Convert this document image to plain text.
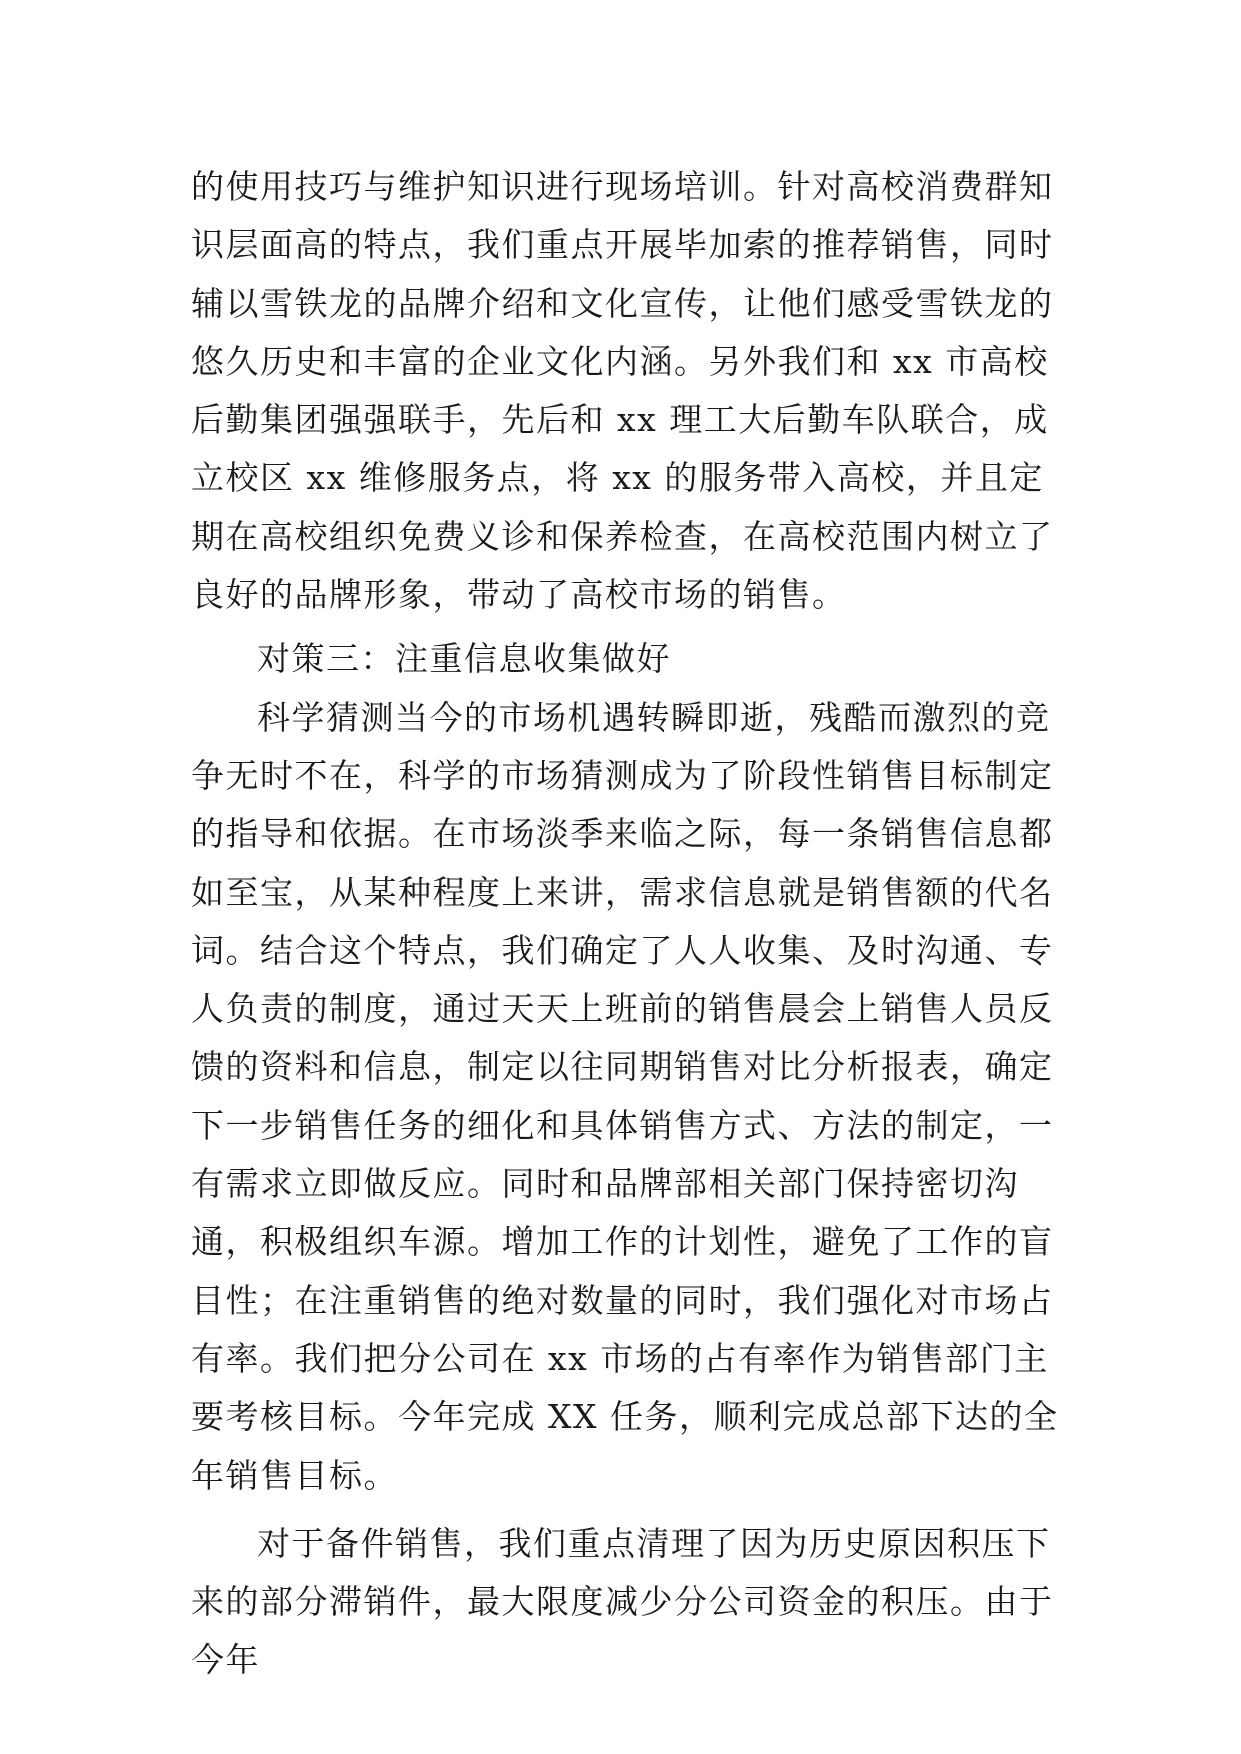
的使用技巧与维护知识进行现场培训。针对高校消费群知识层面高的特点，我们重点开展毕加索的推荐销售，同时辅以雪铁龙的品牌介绍和文化宣传，让他们感受雪铁龙的悠久历史和丰富的企业文化内涵。另外我们和 xx 市高校后勤集团强强联手，先后和 xx 理工大后勤车队联合，成立校区 xx 维修服务点，将 xx 的服务带入高校，并且定期在高校组织免费义诊和保养检查，在高校范围内树立了良好的品牌形象，带动了高校市场的销售。

对策三：注重信息收集做好

科学猜测当今的市场机遇转瞬即逝，残酷而激烈的竞争无时不在，科学的市场猜测成为了阶段性销售目标制定的指导和依据。在市场淡季来临之际，每一条销售信息都如至宝，从某种程度上来讲，需求信息就是销售额的代名词。结合这个特点，我们确定了人人收集、及时沟通、专人负责的制度，通过天天上班前的销售晨会上销售人员反馈的资料和信息，制定以往同期销售对比分析报表，确定下一步销售任务的细化和具体销售方式、方法的制定，一有需求立即做反应。同时和品牌部相关部门保持密切沟通，积极组织车源。增加工作的计划性，避免了工作的盲目性；在注重销售的绝对数量的同时，我们强化对市场占有率。我们把分公司在 xx 市场的占有率作为销售部门主要考核目标。今年完成 XX 任务，顺利完成总部下达的全年销售目标。

对于备件销售，我们重点清理了因为历史原因积压下来的部分滞销件，最大限度减少分公司资金的积压。由于今年
